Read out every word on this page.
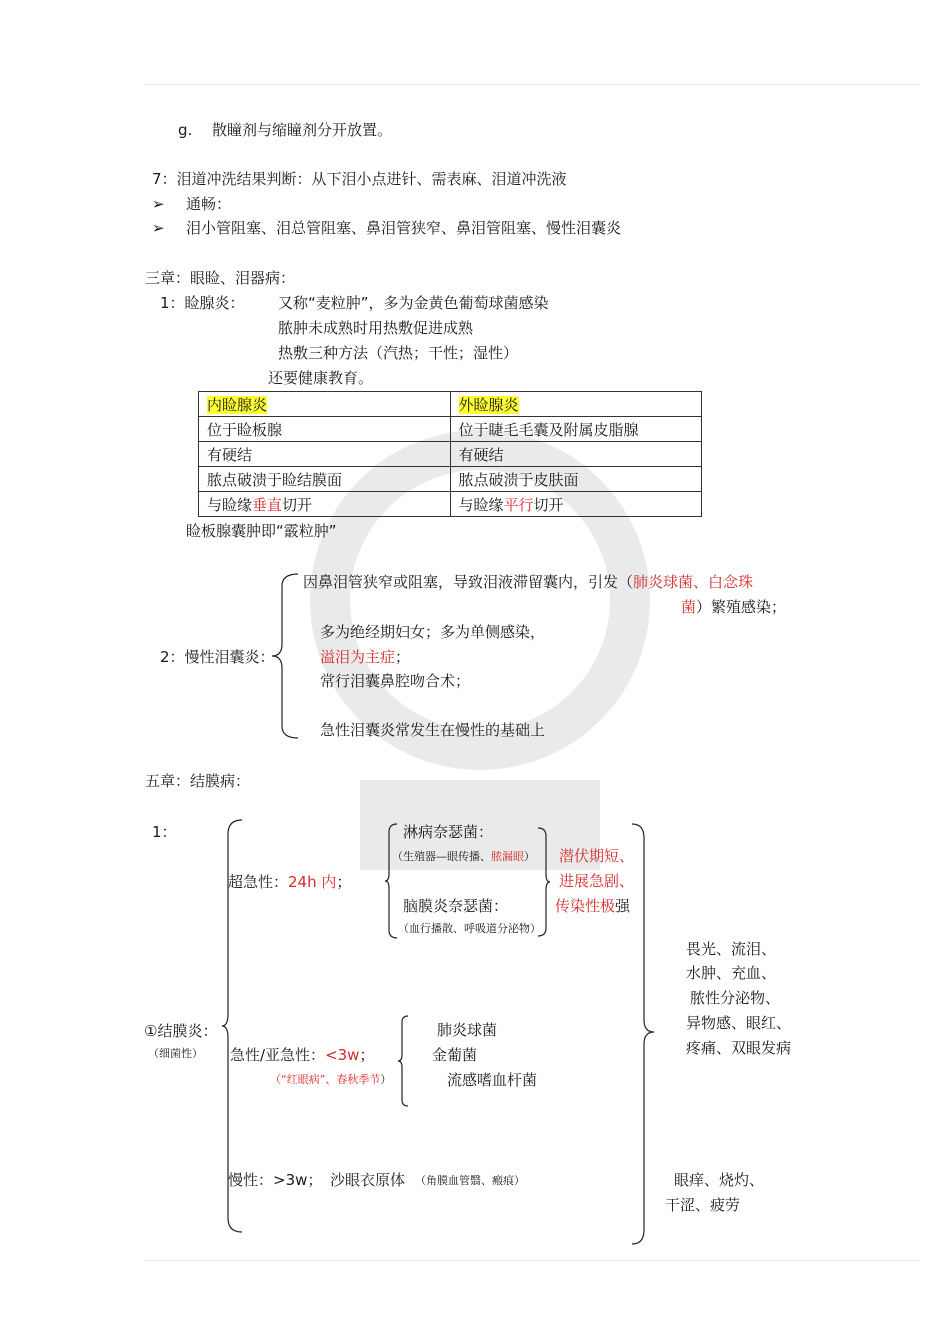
g. 散瞳剂与缩瞳剂分开放置。
7：泪道冲洗结果判断：从下泪小点进针、需表麻、泪道冲洗液
➢ 通畅：
➢ 泪小管阻塞、泪总管阻塞、鼻泪管狭窄、鼻泪管阻塞、慢性泪囊炎
三章：眼睑、泪器病：
1：睑腺炎： 又称“麦粒肿”，多为金黄色葡萄球菌感染
脓肿未成熟时用热敷促进成熟
热敷三种方法（汽热；干性；湿性）
还要健康教育。
内睑腺炎	外睑腺炎
位于睑板腺	位于睫毛毛囊及附属皮脂腺
有硬结	有硬结
脓点破溃于睑结膜面	脓点破溃于皮肤面
与睑缘垂直切开	与睑缘平行切开
睑板腺囊肿即“霰粒肿”
2：慢性泪囊炎：
因鼻泪管狭窄或阻塞，导致泪液滞留囊内，引发（肺炎球菌、白念珠
菌）繁殖感染；
多为绝经期妇女；多为单侧感染，
溢泪为主症；
常行泪囊鼻腔吻合术；
急性泪囊炎常发生在慢性的基础上
五章：结膜病：
1：
①结膜炎：
（细菌性）
超急性：24h 内；
淋病奈瑟菌：
（生殖器—眼传播、脓漏眼）
脑膜炎奈瑟菌：
（血行播散、呼吸道分泌物）
潜伏期短、
进展急剧、
传染性极强
急性/亚急性：<3w；
（“红眼病”、春秋季节）
肺炎球菌
金葡菌
流感嗜血杆菌
慢性：>3w； 沙眼衣原体 （角膜血管翳、瘢痕）
畏光、流泪、
水肿、充血、
脓性分泌物、
异物感、眼红、
疼痛、双眼发病
眼痒、烧灼、
干涩、疲劳
